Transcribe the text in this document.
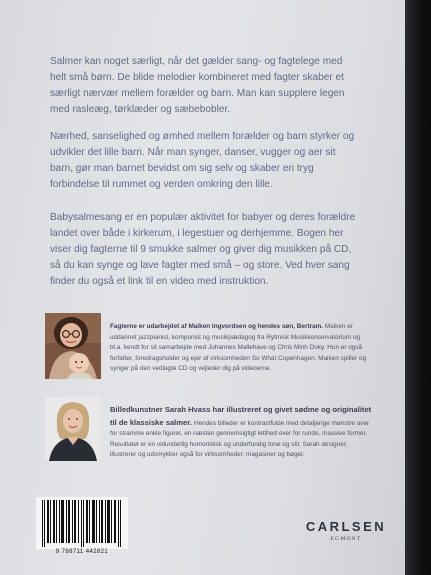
Salmer kan noget særligt, når det gælder sang- og fagtelege med helt små børn. De blide melodier kombineret med fagter skaber et særligt nærvær mellem forælder og barn. Man kan supplere legen med rasleæg, tørklæder og sæbebobler.

Nærhed, sanselighed og ømhed mellem forælder og barn styrker og udvikler det lille barn. Når man synger, danser, vugger og aer sit barn, gør man barnet bevidst om sig selv og skaber en tryg forbindelse til rummet og verden omkring den lille.

Babysalmesang er en populær aktivitet for babyer og deres forældre landet over både i kirkerum, i legestuer og derhjemme. Bogen her viser dig fagterne til 9 smukke salmer og giver dig musikken på CD, så du kan synge og lave fagter med små – og store. Ved hver sang finder du også et link til en video med instruktion.

Fagterne er udarbejdet af Maiken Ingvordsen og hendes søn, Bertram. Maiken er uddannet jazzpianist, komponist og musikpædagog fra Rytmisk Musikkonservatorium og bl.a. kendt for sit samarbejde med Johannes Mallehave og Chris Minh Doky. Hun er også forfatter, foredragsholder og ejer af virksomheden So What Copenhagen. Maiken spiller og synger på den vedlagte CD og vejleder dig på videoerne.

Billedkunstner Sarah Hvass har illustreret og givet sødme og originalitet til de klassiske salmer. Hendes billeder er kontrastfulde med detaljerige mønstre over for stramme enkle figurer, en næsten gennemsigtigt letthed over for runde, massive former. Resultatet er en vidunderlig humoristisk og underfundig tone og stil. Sarah designer, illustrerer og udsmykker også for virksomheder, magasiner og bøger.

9 788711 442821
CARLSEN
EGMONT
